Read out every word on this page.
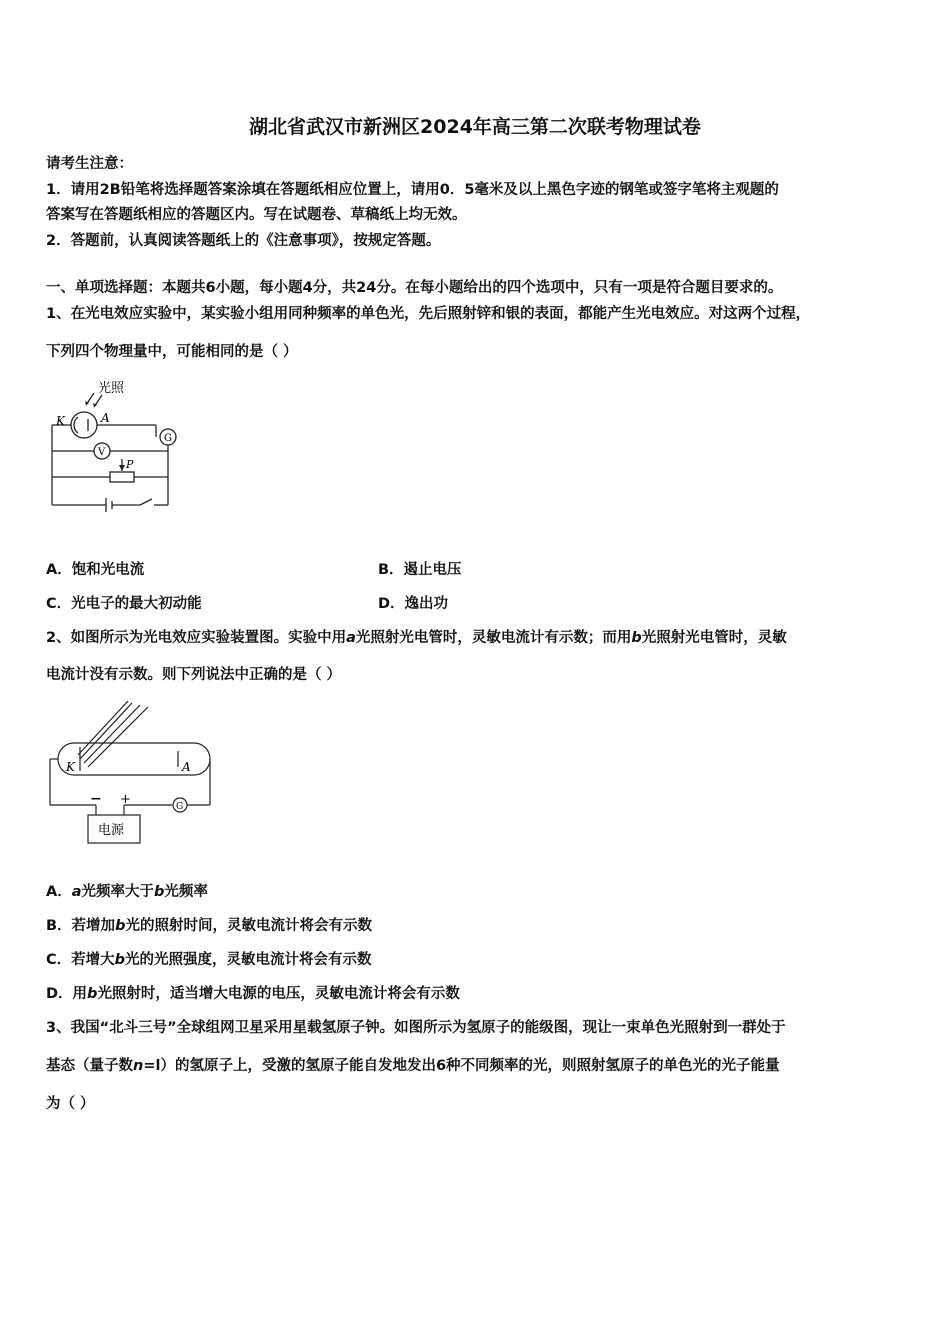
湖北省武汉市新洲区2024年高三第二次联考物理试卷
请考生注意：
1．请用2B铅笔将选择题答案涂填在答题纸相应位置上，请用0．5毫米及以上黑色字迹的钢笔或签字笔将主观题的
答案写在答题纸相应的答题区内。写在试题卷、草稿纸上均无效。
2．答题前，认真阅读答题纸上的《注意事项》，按规定答题。
一、单项选择题：本题共6小题，每小题4分，共24分。在每小题给出的四个选项中，只有一项是符合题目要求的。
1、在光电效应实验中，某实验小组用同种频率的单色光，先后照射锌和银的表面，都能产生光电效应。对这两个过程，
下列四个物理量中，可能相同的是（ ）
光照
K	A
G
V
P
A．饱和光电流	B．遏止电压
C．光电子的最大初动能	D．逸出功
2、如图所示为光电效应实验装置图。实验中用a光照射光电管时，灵敏电流计有示数；而用b光照射光电管时，灵敏
电流计没有示数。则下列说法中正确的是（ ）
K	A
− +	G
电源
A．a光频率大于b光频率
B．若增加b光的照射时间，灵敏电流计将会有示数
C．若增大b光的光照强度，灵敏电流计将会有示数
D．用b光照射时，适当增大电源的电压，灵敏电流计将会有示数
3、我国“北斗三号”全球组网卫星采用星载氢原子钟。如图所示为氢原子的能级图，现让一束单色光照射到一群处于
基态（量子数n=l）的氢原子上，受激的氢原子能自发地发出6种不同频率的光，则照射氢原子的单色光的光子能量
为（ ）
